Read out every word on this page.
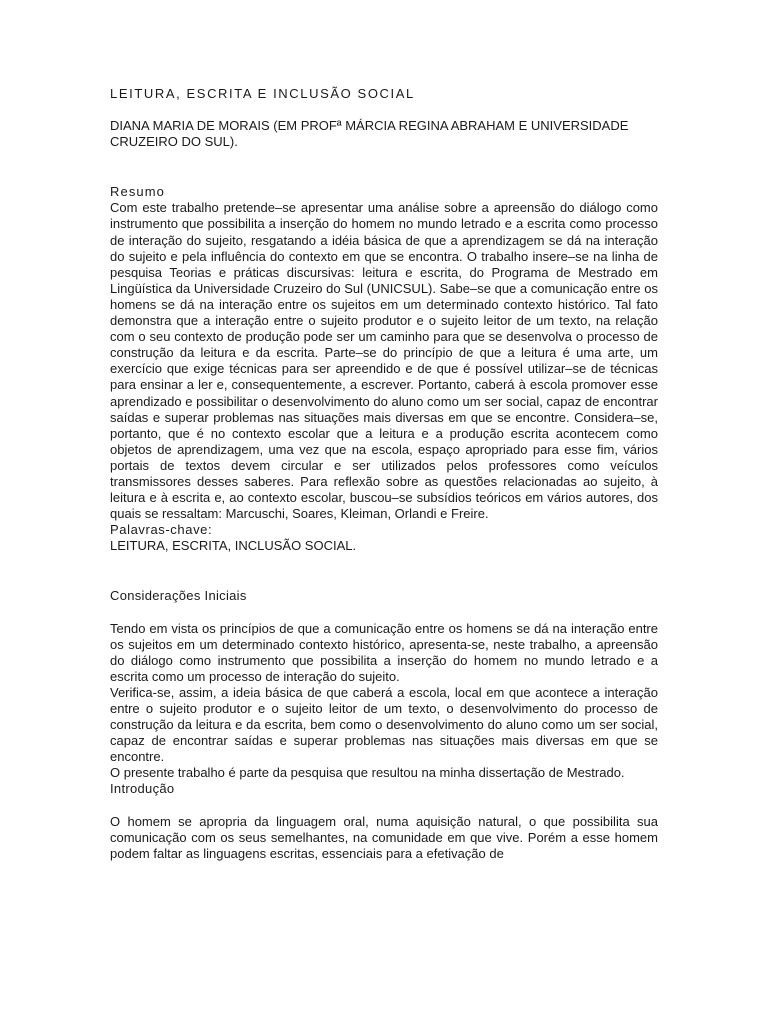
LEITURA, ESCRITA E INCLUSÃO SOCIAL
DIANA MARIA DE MORAIS (EM PROFª MÁRCIA REGINA ABRAHAM E UNIVERSIDADE CRUZEIRO DO SUL).
Resumo

Com este trabalho pretende–se apresentar uma análise sobre a apreensão do diálogo como instrumento que possibilita a inserção do homem no mundo letrado e a escrita como processo de interação do sujeito, resgatando a idéia básica de que a aprendizagem se dá na interação do sujeito e pela influência do contexto em que se encontra. O trabalho insere–se na linha de pesquisa Teorias e práticas discursivas: leitura e escrita, do Programa de Mestrado em Lingüística da Universidade Cruzeiro do Sul (UNICSUL). Sabe–se que a comunicação entre os homens se dá na interação entre os sujeitos em um determinado contexto histórico. Tal fato demonstra que a interação entre o sujeito produtor e o sujeito leitor de um texto, na relação com o seu contexto de produção pode ser um caminho para que se desenvolva o processo de construção da leitura e da escrita. Parte–se do princípio de que a leitura é uma arte, um exercício que exige técnicas para ser apreendido e de que é possível utilizar–se de técnicas para ensinar a ler e, consequentemente, a escrever. Portanto, caberá à escola promover esse aprendizado e possibilitar o desenvolvimento do aluno como um ser social, capaz de encontrar saídas e superar problemas nas situações mais diversas em que se encontre. Considera–se, portanto, que é no contexto escolar que a leitura e a produção escrita acontecem como objetos de aprendizagem, uma vez que na escola, espaço apropriado para esse fim, vários portais de textos devem circular e ser utilizados pelos professores como veículos transmissores desses saberes. Para reflexão sobre as questões relacionadas ao sujeito, à leitura e à escrita e, ao contexto escolar, buscou–se subsídios teóricos em vários autores, dos quais se ressaltam: Marcuschi, Soares, Kleiman, Orlandi e Freire.

Palavras-chave:
LEITURA, ESCRITA, INCLUSÃO SOCIAL.
Considerações Iniciais

Tendo em vista os princípios de que a comunicação entre os homens se dá na interação entre os sujeitos em um determinado contexto histórico, apresenta-se, neste trabalho, a apreensão do diálogo como instrumento que possibilita a inserção do homem no mundo letrado e a escrita como um processo de interação do sujeito.

Verifica-se, assim, a ideia básica de que caberá a escola, local em que acontece a interação entre o sujeito produtor e o sujeito leitor de um texto, o desenvolvimento do processo de construção da leitura e da escrita, bem como o desenvolvimento do aluno como um ser social, capaz de encontrar saídas e superar problemas nas situações mais diversas em que se encontre.

O presente trabalho é parte da pesquisa que resultou na minha dissertação de Mestrado.

Introdução

O homem se apropria da linguagem oral, numa aquisição natural, o que possibilita sua comunicação com os seus semelhantes, na comunidade em que vive. Porém a esse homem podem faltar as linguagens escritas, essenciais para a efetivação de
